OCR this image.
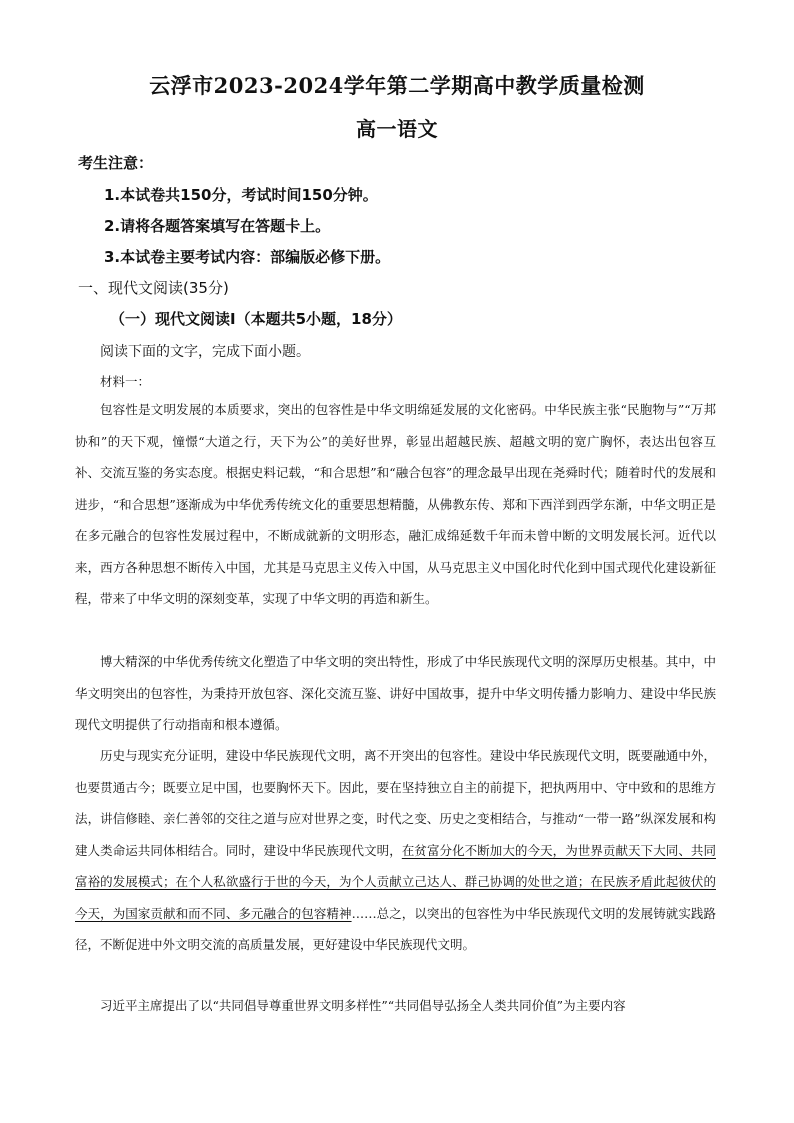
云浮市2023-2024学年第二学期高中教学质量检测
高一语文
考生注意：
1.本试卷共150分，考试时间150分钟。
2.请将各题答案填写在答题卡上。
3.本试卷主要考试内容：部编版必修下册。
一、现代文阅读(35分)
（一）现代文阅读Ⅰ（本题共5小题，18分）
阅读下面的文字，完成下面小题。
材料一：

包容性是文明发展的本质要求，突出的包容性是中华文明绵延发展的文化密码。中华民族主张“民胞物与”“万邦协和”的天下观，憧憬“大道之行，天下为公”的美好世界，彰显出超越民族、超越文明的宽广胸怀，表达出包容互补、交流互鉴的务实态度。根据史料记载，“和合思想”和“融合包容”的理念最早出现在尧舜时代；随着时代的发展和进步，“和合思想”逐渐成为中华优秀传统文化的重要思想精髓，从佛教东传、郑和下西洋到西学东渐，中华文明正是在多元融合的包容性发展过程中，不断成就新的文明形态，融汇成绵延数千年而未曾中断的文明发展长河。近代以来，西方各种思想不断传入中国，尤其是马克思主义传入中国，从马克思主义中国化时代化到中国式现代化建设新征程，带来了中华文明的深刻变革，实现了中华文明的再造和新生。

博大精深的中华优秀传统文化塑造了中华文明的突出特性，形成了中华民族现代文明的深厚历史根基。其中，中华文明突出的包容性，为秉持开放包容、深化交流互鉴、讲好中国故事，提升中华文明传播力影响力、建设中华民族现代文明提供了行动指南和根本遵循。

历史与现实充分证明，建设中华民族现代文明，离不开突出的包容性。建设中华民族现代文明，既要融通中外，也要贯通古今；既要立足中国，也要胸怀天下。因此，要在坚持独立自主的前提下，把执两用中、守中致和的思维方法，讲信修睦、亲仁善邻的交往之道与应对世界之变，时代之变、历史之变相结合，与推动“一带一路”纵深发展和构建人类命运共同体相结合。同时，建设中华民族现代文明，在贫富分化不断加大的今天，为世界贡献天下大同、共同富裕的发展模式；在个人私欲盛行于世的今天，为个人贡献立己达人、群己协调的处世之道；在民族矛盾此起彼伏的今天，为国家贡献和而不同、多元融合的包容精神……总之，以突出的包容性为中华民族现代文明的发展铸就实践路径，不断促进中外文明交流的高质量发展，更好建设中华民族现代文明。

习近平主席提出了以“共同倡导尊重世界文明多样性”“共同倡导弘扬全人类共同价值”为主要内容
